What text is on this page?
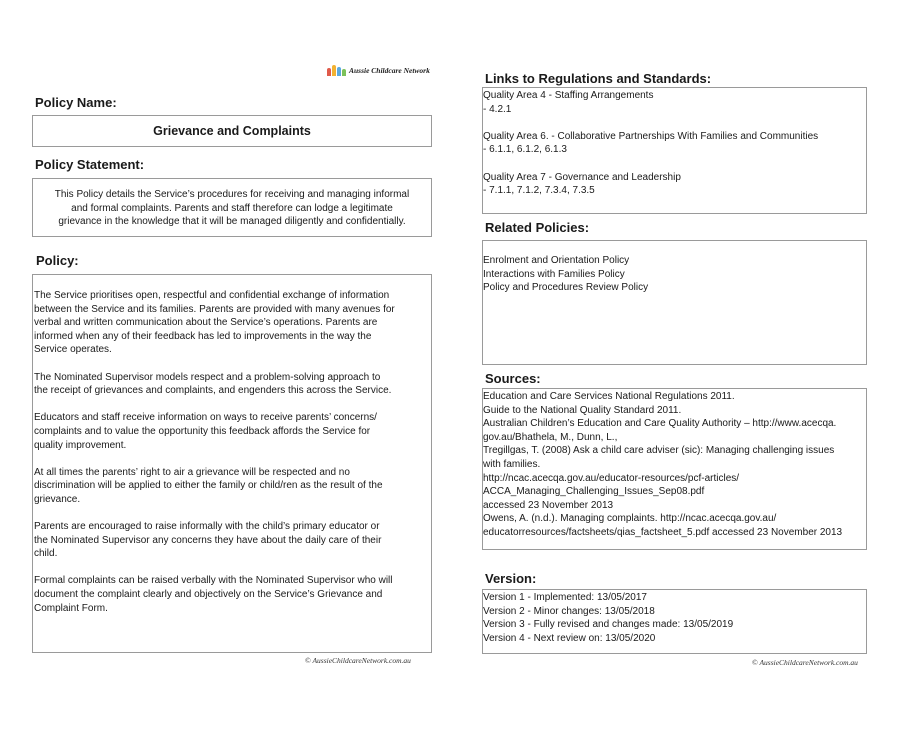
Aussie Childcare Network
Policy Name:
Grievance and Complaints
Policy Statement:
This Policy details the Service’s procedures for receiving and managing informal
and formal complaints. Parents and staff therefore can lodge a legitimate
grievance in the knowledge that it will be managed diligently and confidentially.
Policy:
The Service prioritises open, respectful and confidential exchange of information
between the Service and its families. Parents are provided with many avenues for
verbal and written communication about the Service’s operations. Parents are
informed when any of their feedback has led to improvements in the way the
Service operates.
The Nominated Supervisor models respect and a problem-solving approach to
the receipt of grievances and complaints, and engenders this across the Service.
Educators and staff receive information on ways to receive parents’ concerns/
complaints and to value the opportunity this feedback affords the Service for
quality improvement.
At all times the parents’ right to air a grievance will be respected and no
discrimination will be applied to either the family or child/ren as the result of the
grievance.
Parents are encouraged to raise informally with the child’s primary educator or
the Nominated Supervisor any concerns they have about the daily care of their
child.
Formal complaints can be raised verbally with the Nominated Supervisor who will
document the complaint clearly and objectively on the Service’s Grievance and
Complaint Form.
© AussieChildcareNetwork.com.au
Links to Regulations and Standards:
Quality Area 4 - Staffing Arrangements
- 4.2.1

Quality Area 6. - Collaborative Partnerships With Families and Communities
- 6.1.1, 6.1.2, 6.1.3

Quality Area 7 - Governance and Leadership
- 7.1.1, 7.1.2, 7.3.4, 7.3.5
Related Policies:
Enrolment and Orientation Policy
Interactions with Families Policy
Policy and Procedures Review Policy
Sources:
Education and Care Services National Regulations 2011.
Guide to the National Quality Standard 2011.
Australian Children’s Education and Care Quality Authority – http://www.acecqa.
gov.au/Bhathela, M., Dunn, L.,
Tregillgas, T. (2008) Ask a child care adviser (sic): Managing challenging issues
with families.
http://ncac.acecqa.gov.au/educator-resources/pcf-articles/
ACCA_Managing_Challenging_Issues_Sep08.pdf
accessed 23 November 2013
Owens, A. (n.d.). Managing complaints. http://ncac.acecqa.gov.au/
educatorresources/factsheets/qias_factsheet_5.pdf accessed 23 November 2013
Version:
Version 1 - Implemented: 13/05/2017
Version 2 - Minor changes: 13/05/2018
Version 3 - Fully revised and changes made: 13/05/2019
Version 4 - Next review on: 13/05/2020
© AussieChildcareNetwork.com.au
